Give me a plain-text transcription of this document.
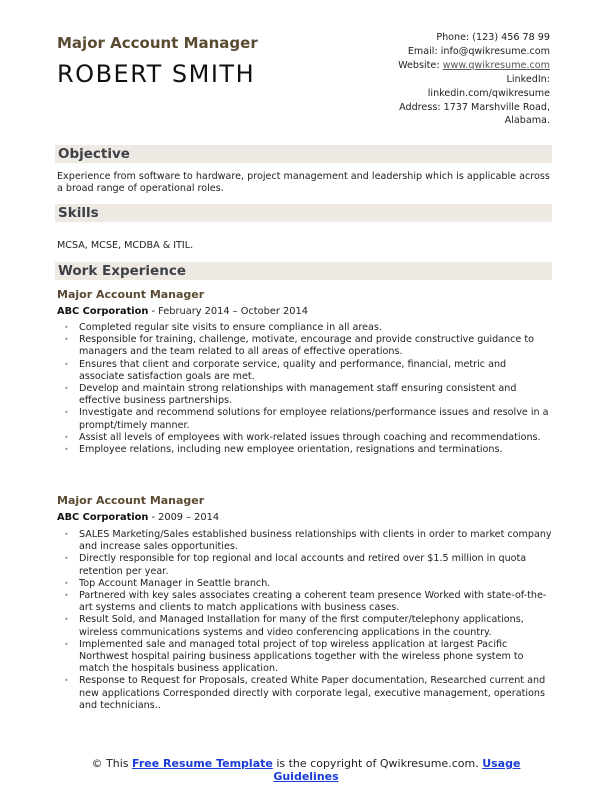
Major Account Manager
ROBERT SMITH
Phone: (123) 456 78 99
Email: info@qwikresume.com
Website: www.qwikresume.com
LinkedIn:
linkedin.com/qwikresume
Address: 1737 Marshville Road,
Alabama.
Objective
Experience from software to hardware, project management and leadership which is applicable across a broad range of operational roles.
Skills
MCSA, MCSE, MCDBA & ITIL.
Work Experience
Major Account Manager
ABC Corporation - February 2014 – October 2014
• Completed regular site visits to ensure compliance in all areas.
• Responsible for training, challenge, motivate, encourage and provide constructive guidance to managers and the team related to all areas of effective operations.
• Ensures that client and corporate service, quality and performance, financial, metric and associate satisfaction goals are met.
• Develop and maintain strong relationships with management staff ensuring consistent and effective business partnerships.
• Investigate and recommend solutions for employee relations/performance issues and resolve in a prompt/timely manner.
• Assist all levels of employees with work-related issues through coaching and recommendations.
• Employee relations, including new employee orientation, resignations and terminations.
Major Account Manager
ABC Corporation - 2009 – 2014
• SALES Marketing/Sales established business relationships with clients in order to market company and increase sales opportunities.
• Directly responsible for top regional and local accounts and retired over $1.5 million in quota retention per year.
• Top Account Manager in Seattle branch.
• Partnered with key sales associates creating a coherent team presence Worked with state-of-the-art systems and clients to match applications with business cases.
• Result Sold, and Managed Installation for many of the first computer/telephony applications, wireless communications systems and video conferencing applications in the country.
• Implemented sale and managed total project of top wireless application at largest Pacific Northwest hospital pairing business applications together with the wireless phone system to match the hospitals business application.
• Response to Request for Proposals, created White Paper documentation, Researched current and new applications Corresponded directly with corporate legal, executive management, operations and technicians..
© This Free Resume Template is the copyright of Qwikresume.com. Usage Guidelines
